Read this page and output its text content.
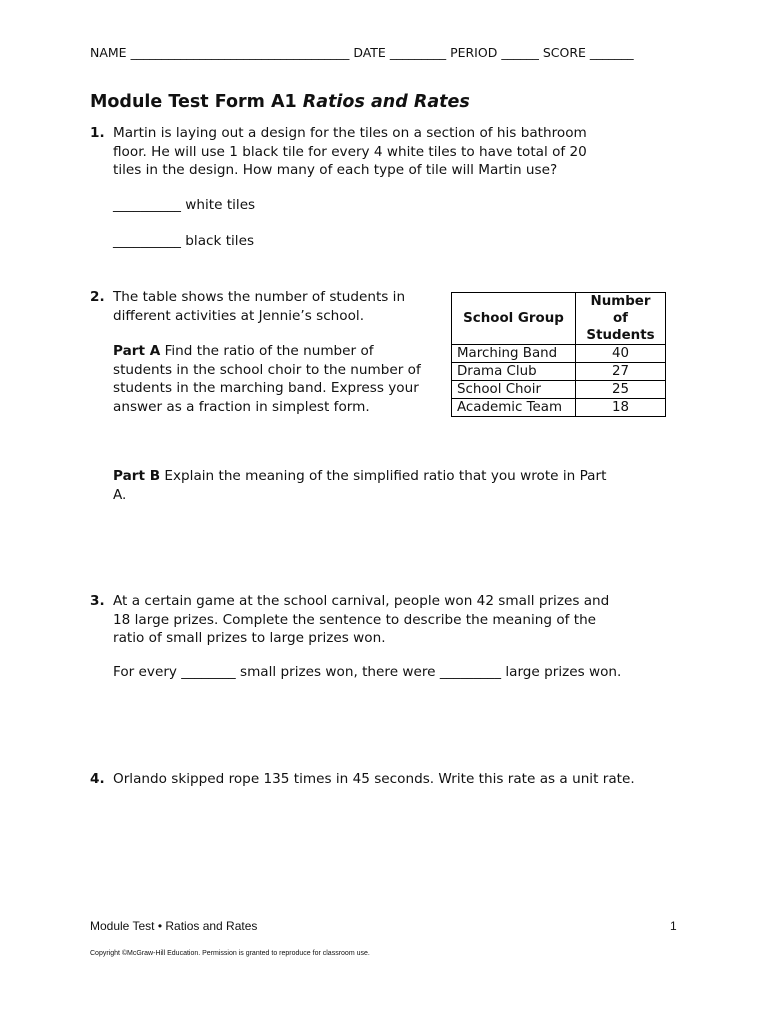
NAME ___________________________________ DATE _________ PERIOD ______ SCORE _______
Module Test Form A1 Ratios and Rates
1. Martin is laying out a design for the tiles on a section of his bathroom
floor. He will use 1 black tile for every 4 white tiles to have total of 20
tiles in the design. How many of each type of tile will Martin use?
__________ white tiles
__________ black tiles
2. The table shows the number of students in
different activities at Jennie’s school.
Part A Find the ratio of the number of
students in the school choir to the number of
students in the marching band. Express your
answer as a fraction in simplest form.
Part B Explain the meaning of the simplified ratio that you wrote in Part
A.
School Group	Number
of
Students

Marching Band	40
Drama Club	27
School Choir	25
Academic Team	18
3. At a certain game at the school carnival, people won 42 small prizes and
18 large prizes. Complete the sentence to describe the meaning of the
ratio of small prizes to large prizes won.
For every ________ small prizes won, there were _________ large prizes won.
4. Orlando skipped rope 135 times in 45 seconds. Write this rate as a unit rate.
Module Test • Ratios and Rates	1
Copyright ©McGraw-Hill Education. Permission is granted to reproduce for classroom use.
